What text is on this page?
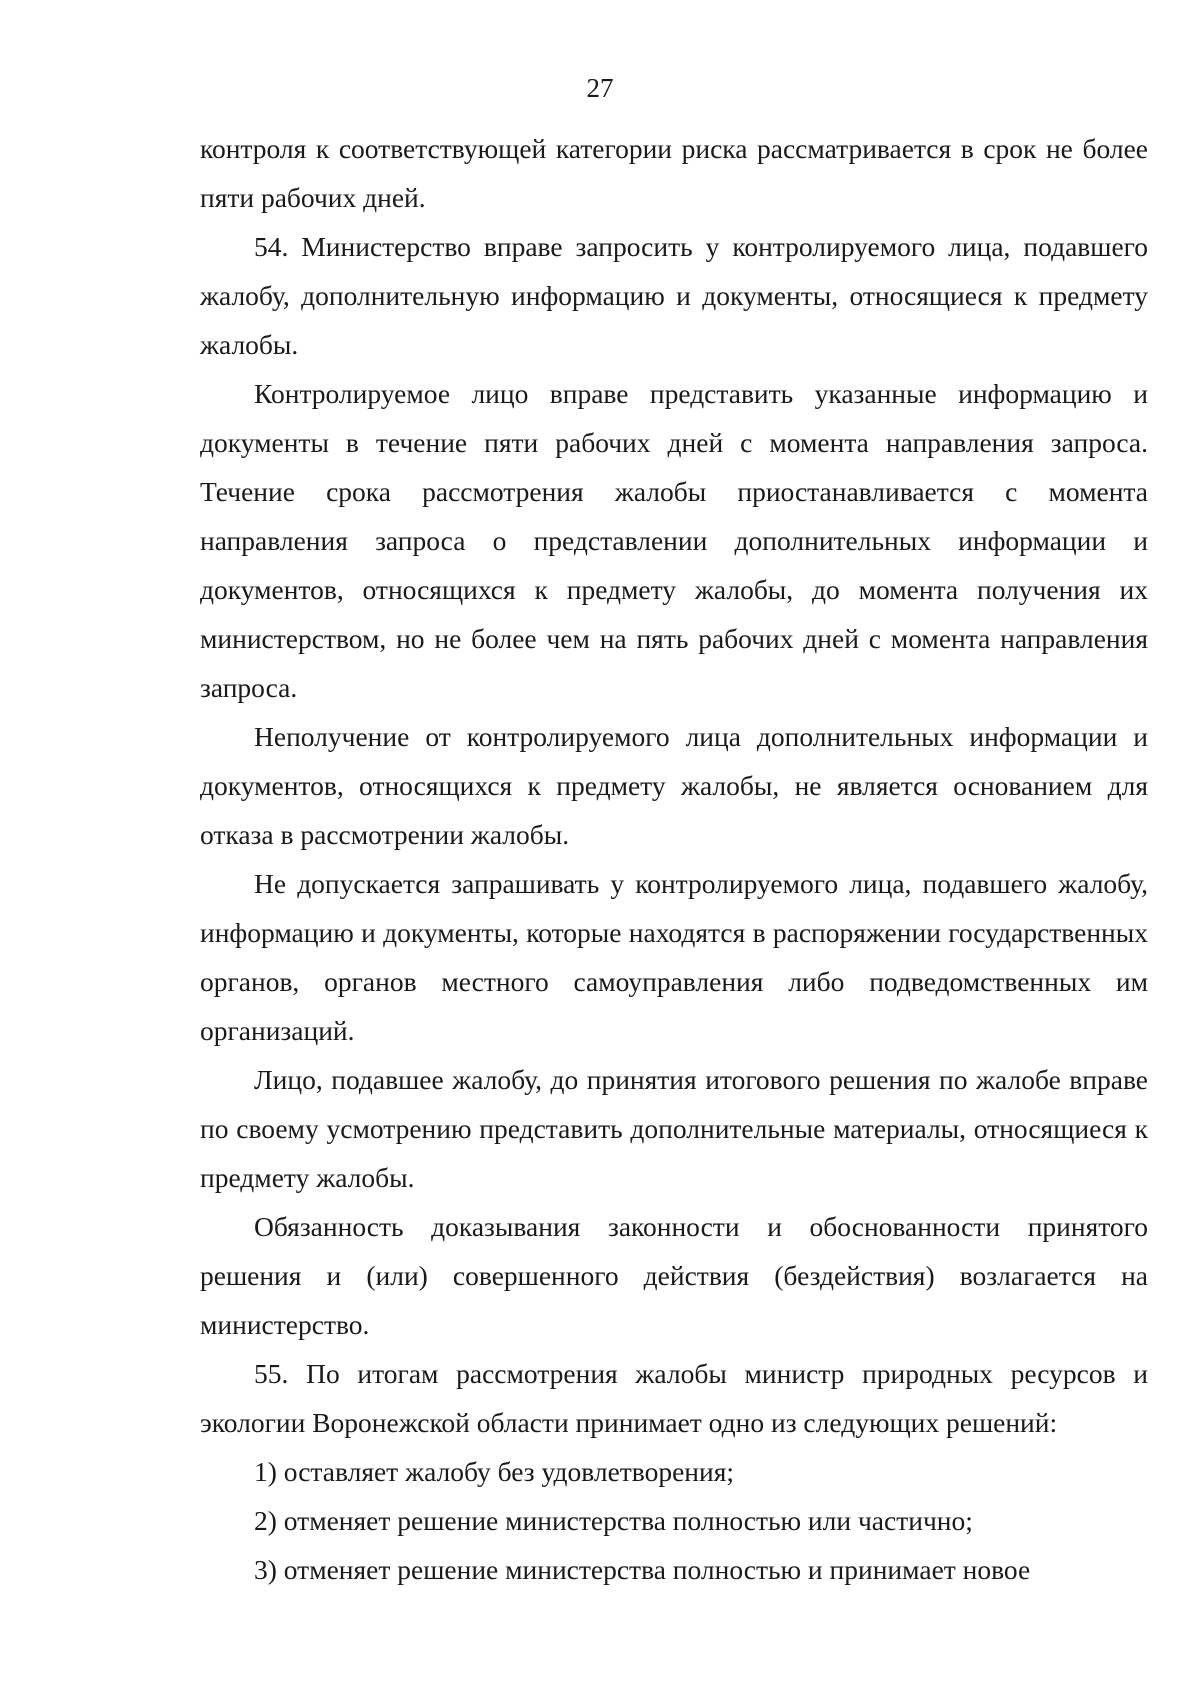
27

контроля к соответствующей категории риска рассматривается в срок не более пяти рабочих дней.

54. Министерство вправе запросить у контролируемого лица, подавшего жалобу, дополнительную информацию и документы, относящиеся к предмету жалобы.

Контролируемое лицо вправе представить указанные информацию и документы в течение пяти рабочих дней с момента направления запроса. Течение срока рассмотрения жалобы приостанавливается с момента направления запроса о представлении дополнительных информации и документов, относящихся к предмету жалобы, до момента получения их министерством, но не более чем на пять рабочих дней с момента направления запроса.

Неполучение от контролируемого лица дополнительных информации и документов, относящихся к предмету жалобы, не является основанием для отказа в рассмотрении жалобы.

Не допускается запрашивать у контролируемого лица, подавшего жалобу, информацию и документы, которые находятся в распоряжении государственных органов, органов местного самоуправления либо подведомственных им организаций.

Лицо, подавшее жалобу, до принятия итогового решения по жалобе вправе по своему усмотрению представить дополнительные материалы, относящиеся к предмету жалобы.

Обязанность доказывания законности и обоснованности принятого решения и (или) совершенного действия (бездействия) возлагается на министерство.

55. По итогам рассмотрения жалобы министр природных ресурсов и экологии Воронежской области принимает одно из следующих решений:

1) оставляет жалобу без удовлетворения;

2) отменяет решение министерства полностью или частично;

3) отменяет решение министерства полностью и принимает новое
